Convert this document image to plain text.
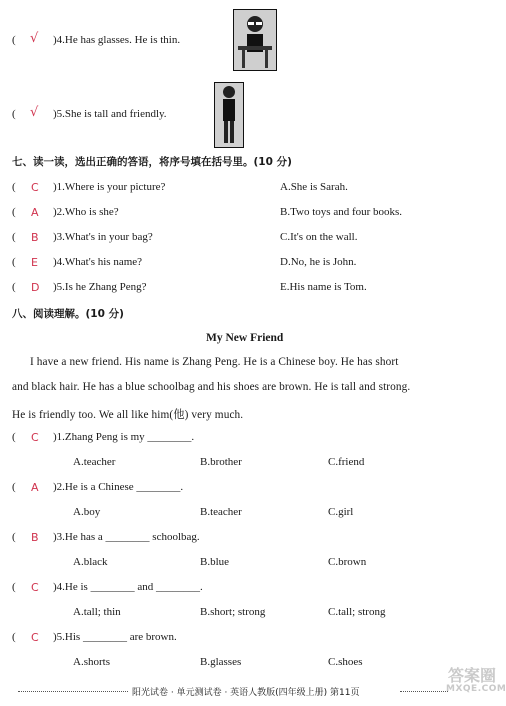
( √ )4.He has glasses. He is thin.
( √ )5.She is tall and friendly.
七、读一读，选出正确的答语，将序号填在括号里。(10 分)
( C )1.Where is your picture?	A.She is Sarah.
( A )2.Who is she?	B.Two toys and four books.
( B )3.What's in your bag?	C.It's on the wall.
( E )4.What's his name?	D.No, he is John.
( D )5.Is he Zhang Peng?	E.His name is Tom.
八、阅读理解。(10 分)
My New Friend
I have a new friend. His name is Zhang Peng. He is a Chinese boy. He has short
and black hair. He has a blue schoolbag and his shoes are brown. He is tall and strong.
He is friendly too. We all like him(他) very much.
( C )1.Zhang Peng is my ________.
A.teacher	B.brother	C.friend
( A )2.He is a Chinese ________.
A.boy	B.teacher	C.girl
( B )3.He has a ________ schoolbag.
A.black	B.blue	C.brown
( C )4.He is ________ and ________.
A.tall; thin	B.short; strong	C.tall; strong
( C )5.His ________ are brown.
A.shorts	B.glasses	C.shoes
阳光试卷 · 单元测试卷 · 英语人教版(四年级上册) 第11页
答案圈
MXQE.COM
